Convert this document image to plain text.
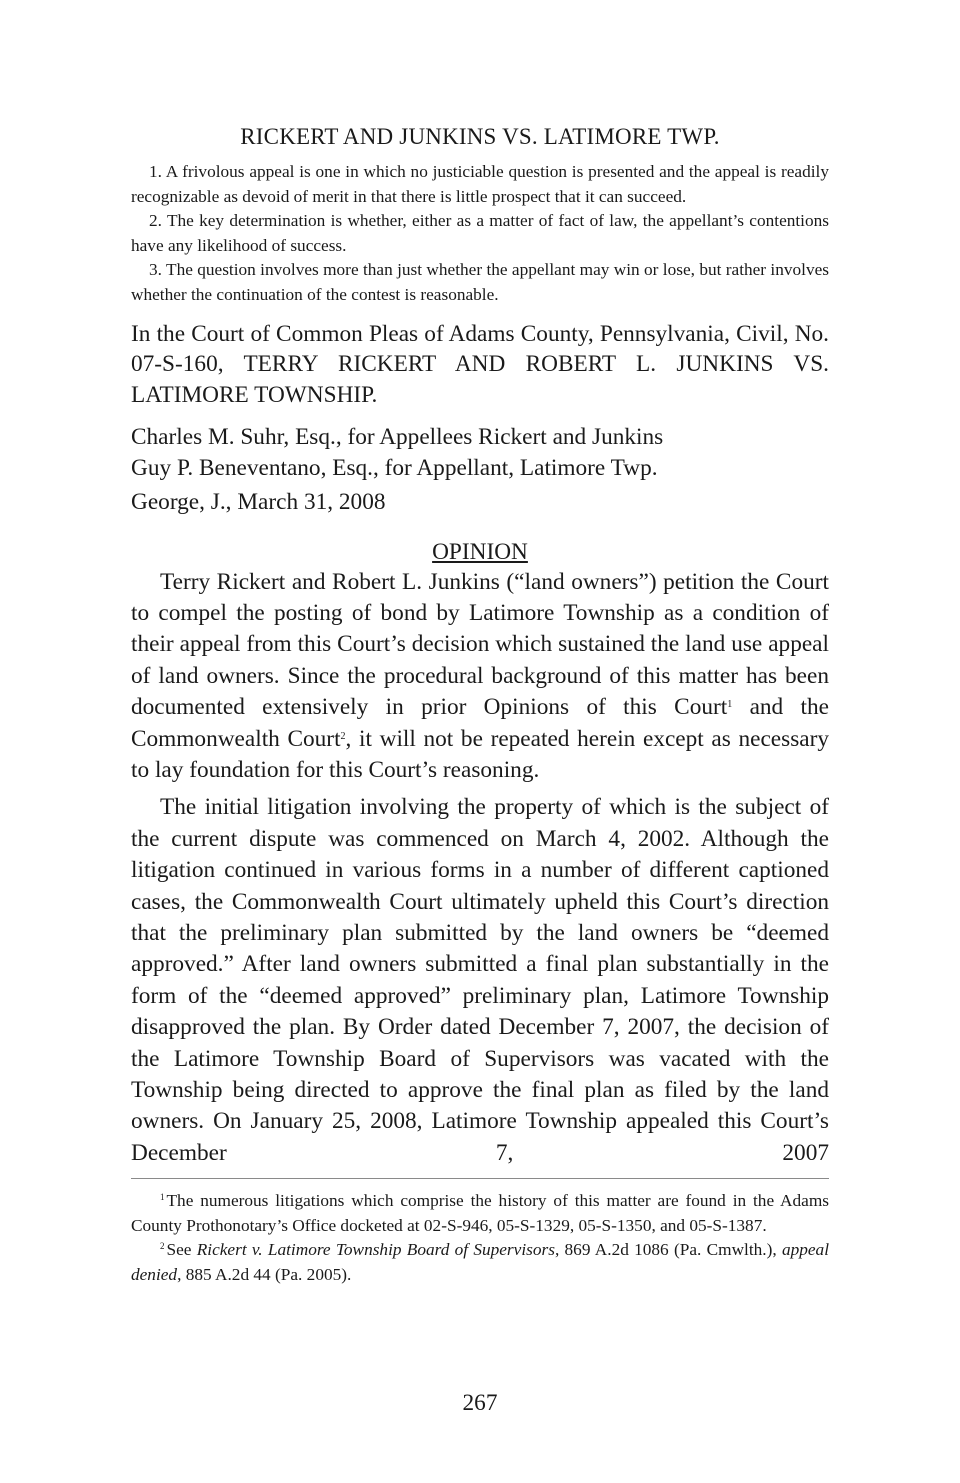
RICKERT AND JUNKINS VS. LATIMORE TWP.

1. A frivolous appeal is one in which no justiciable question is presented and the appeal is readily recognizable as devoid of merit in that there is little prospect that it can succeed.

2. The key determination is whether, either as a matter of fact of law, the appellant’s contentions have any likelihood of success.

3. The question involves more than just whether the appellant may win or lose, but rather involves whether the continuation of the contest is reasonable.

In the Court of Common Pleas of Adams County, Pennsylvania, Civil, No. 07-S-160, TERRY RICKERT AND ROBERT L. JUNKINS VS. LATIMORE TOWNSHIP.
Charles M. Suhr, Esq., for Appellees Rickert and Junkins
Guy P. Beneventano, Esq., for Appellant, Latimore Twp.
George, J., March 31, 2008
OPINION

Terry Rickert and Robert L. Junkins (“land owners”) petition the Court to compel the posting of bond by Latimore Township as a condition of their appeal from this Court’s decision which sustained the land use appeal of land owners. Since the procedural background of this matter has been documented extensively in prior Opinions of this Court$^1$ and the Commonwealth Court$^2$, it will not be repeated herein except as necessary to lay foundation for this Court’s reasoning.

The initial litigation involving the property of which is the subject of the current dispute was commenced on March 4, 2002. Although the litigation continued in various forms in a number of different captioned cases, the Commonwealth Court ultimately upheld this Court’s direction that the preliminary plan submitted by the land owners be “deemed approved.” After land owners submitted a final plan substantially in the form of the “deemed approved” preliminary plan, Latimore Township disapproved the plan. By Order dated December 7, 2007, the decision of the Latimore Township Board of Supervisors was vacated with the Township being directed to approve the final plan as filed by the land owners. On January 25, 2008, Latimore Township appealed this Court’s December 7, 2007

$^1$ The numerous litigations which comprise the history of this matter are found in the Adams County Prothonotary’s Office docketed at 02-S-946, 05-S-1329, 05-S-1350, and 05-S-1387.

$^2$ See Rickert v. Latimore Township Board of Supervisors, 869 A.2d 1086 (Pa. Cmwlth.), appeal denied, 885 A.2d 44 (Pa. 2005).

267
